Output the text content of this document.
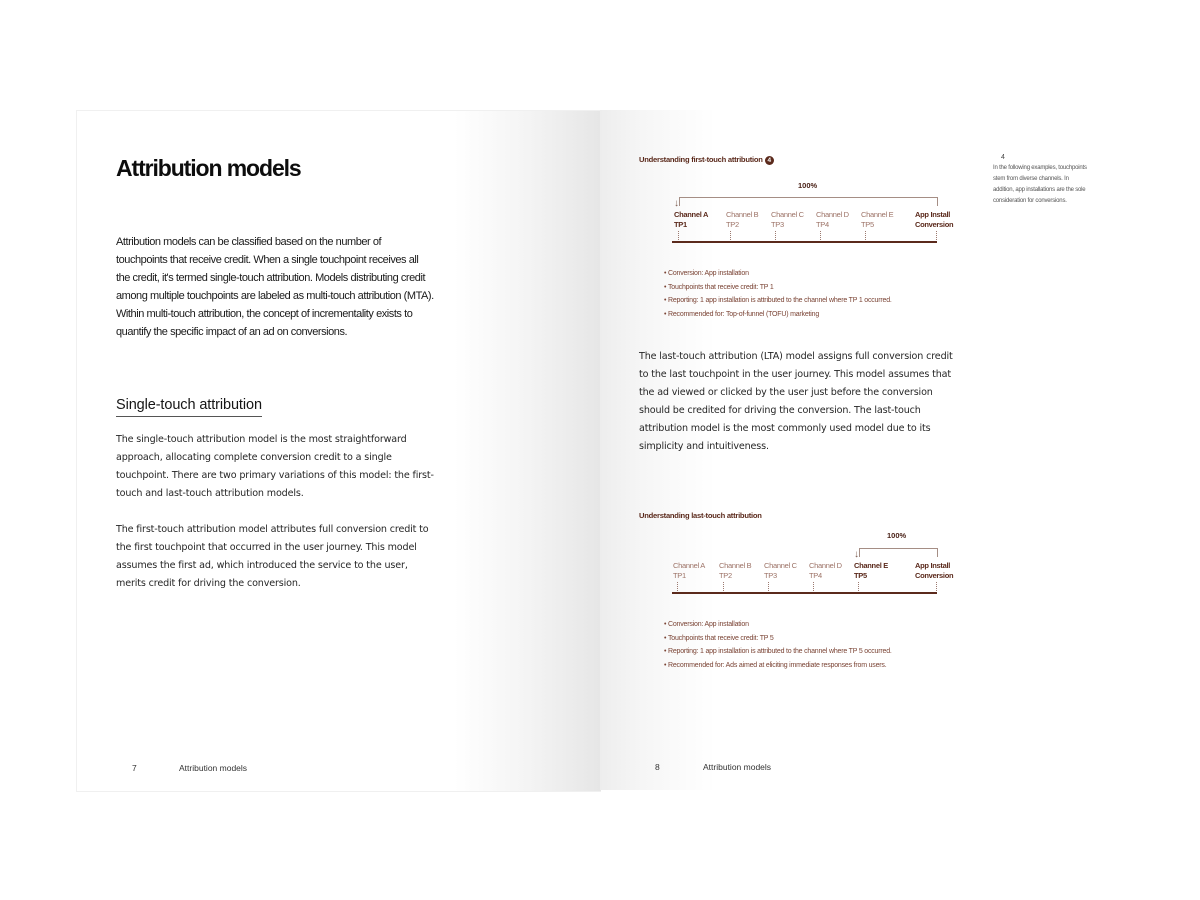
Attribution models
Attribution models can be classified based on the number of touchpoints that receive credit. When a single touchpoint receives all the credit, it's termed single-touch attribution. Models distributing credit among multiple touchpoints are labeled as multi-touch attribution (MTA). Within multi-touch attribution, the concept of incrementality exists to quantify the specific impact of an ad on conversions.
Single-touch attribution
The single-touch attribution model is the most straightforward approach, allocating complete conversion credit to a single touchpoint. There are two primary variations of this model: the first-touch and last-touch attribution models.
The first-touch attribution model attributes full conversion credit to the first touchpoint that occurred in the user journey. This model assumes the first ad, which introduced the service to the user, merits credit for driving the conversion.
7	Attribution models
Understanding first-touch attribution 4
100%
↓
Channel A
TP1
Channel B
TP2
Channel C
TP3
Channel D
TP4
Channel E
TP5
App Install
Conversion
• Conversion: App installation
• Touchpoints that receive credit: TP 1
• Reporting: 1 app installation is attributed to the channel where TP 1 occurred.
• Recommended for: Top-of-funnel (TOFU) marketing
4
In the following examples, touchpoints stem from diverse channels. In addition, app installations are the sole consideration for conversions.
The last-touch attribution (LTA) model assigns full conversion credit to the last touchpoint in the user journey. This model assumes that the ad viewed or clicked by the user just before the conversion should be credited for driving the conversion. The last-touch attribution model is the most commonly used model due to its simplicity and intuitiveness.
Understanding last-touch attribution
100%
↓
Channel A
TP1
Channel B
TP2
Channel C
TP3
Channel D
TP4
Channel E
TP5
App Install
Conversion
• Conversion: App installation
• Touchpoints that receive credit: TP 5
• Reporting: 1 app installation is attributed to the channel where TP 5 occurred.
• Recommended for: Ads aimed at eliciting immediate responses from users.
8	Attribution models
